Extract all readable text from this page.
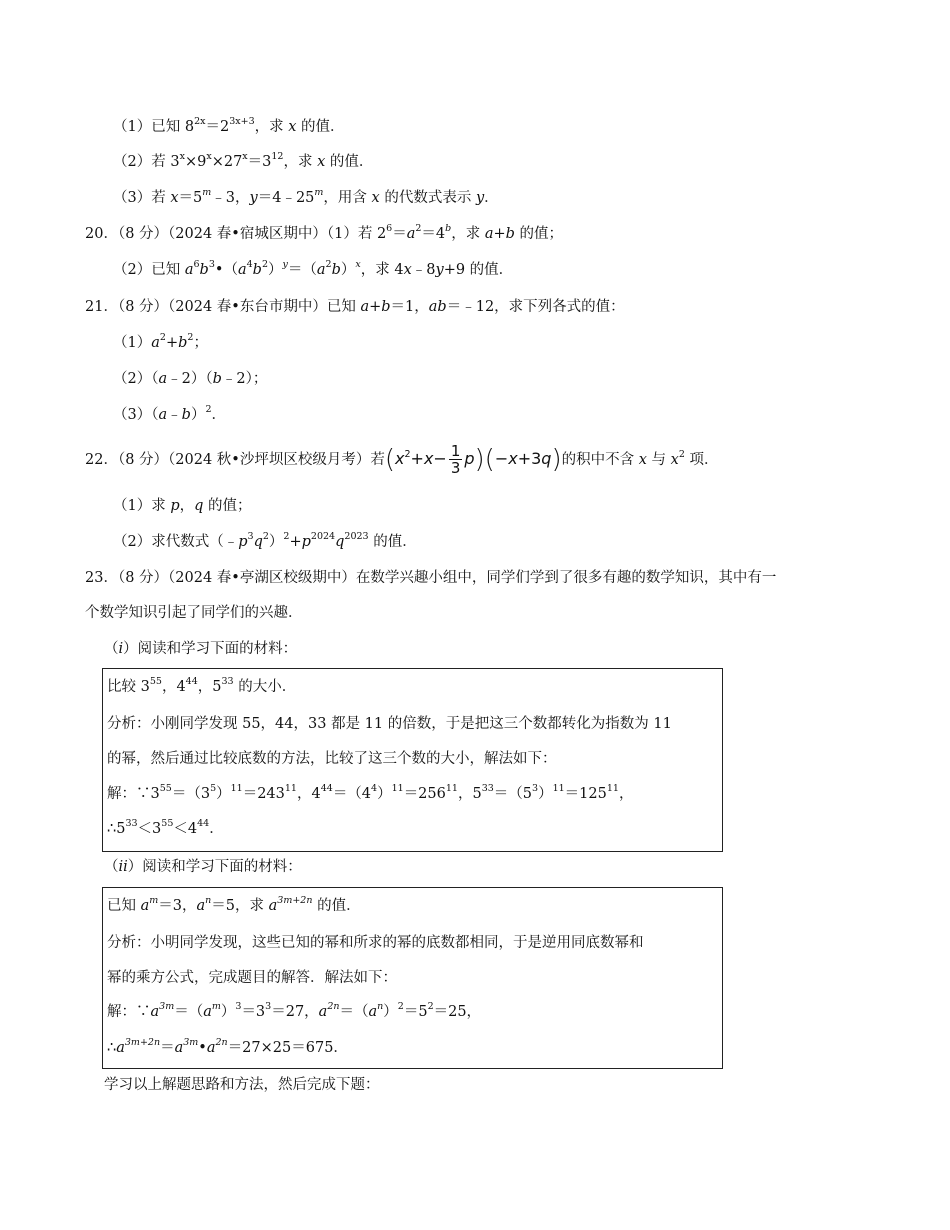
（1）已知 $8^{2x}=2^{3x+3}$，求 x 的值．
（2）若 $3^x\times 9^x\times 27^x=3^{12}$，求 x 的值．
（3）若 $x=5^m﹣3$，$y=4﹣25^m$，用含 x 的代数式表示 y．
20．（8 分）（2024 春•宿城区期中）（1）若 $2^6=a^2=4^b$，求 a+b 的值；
（2）已知 $a^6b^3•(a^4b^2)^y=(a^2b)^x$，求 4x﹣8y+9 的值．
21．（8 分）（2024 春•东台市期中）已知 a+b＝1，ab＝﹣12，求下列各式的值：
$(1)a^2+b^2$；
（2）（a﹣2）（b﹣2）；
（3）（a﹣b）$^2$．
22．（8 分）（2024 秋•沙坪坝区校级月考）若$(x^2+x- \frac{1}{3} p)(-x+3q)$的积中不含 x 与 $x^2$ 项．
（1）求 p，q 的值；
（2）求代数式$(﹣p^3q^2)^2+p^{2024}q^{2023}$ 的值．
23．（8 分）（2024 春•亭湖区校级期中）在数学兴趣小组中，同学们学到了很多有趣的数学知识，其中有一
个数学知识引起了同学们的兴趣．
（i）阅读和学习下面的材料：
比较 $3^{55}$，$4^{44}$，$5^{33}$ 的大小．
分析：小刚同学发现 55，44，33 都是 11 的倍数，于是把这三个数都转化为指数为 11
的幂，然后通过比较底数的方法，比较了这三个数的大小，解法如下：
解：$\because 3^{55}=(3^5)^{11}=243^{11}$，$4^{44}=(4^4)^{11}=256^{11}$，$5^{33}=(5^3)^{11}=125^{11}$，
$\therefore 5^{33}<3^{55}<4^{44}$．
（ii）阅读和学习下面的材料：
已知 $a^m=3$，$a^n=5$，求 $a^{3m+2n}$ 的值．
分析：小明同学发现，这些已知的幂和所求的幂的底数都相同，于是逆用同底数幂和
幂的乘方公式，完成题目的解答．解法如下：
解：$\because a^{3m}=(a^m)^3=3^3=27$，$a^{2n}=(a^n)^2=5^2=25$，
$\therefore a^{3m+2n}=a^{3m}•a^{2n}=27\times 25=675$．
学习以上解题思路和方法，然后完成下题：
